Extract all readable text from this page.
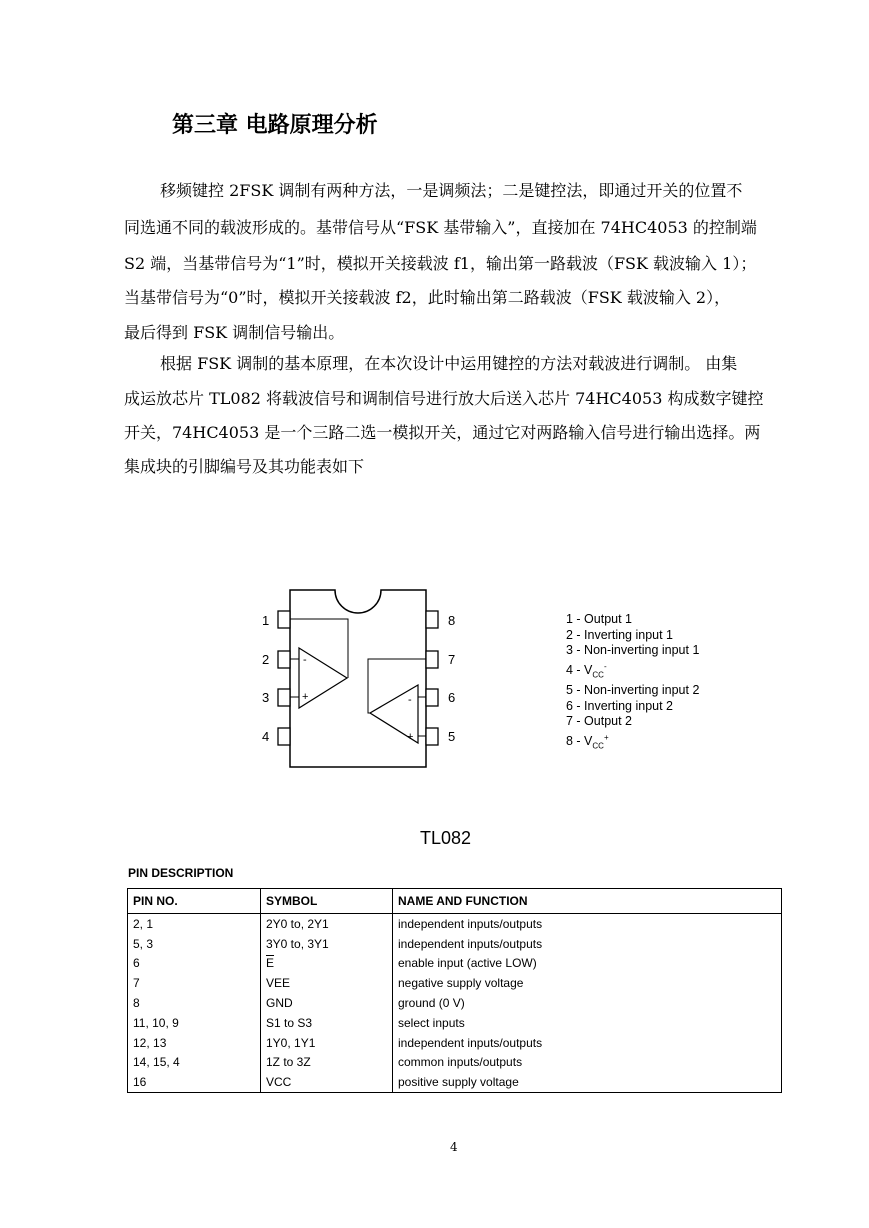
第三章 电路原理分析
移频键控 2FSK 调制有两种方法，一是调频法；二是键控法，即通过开关的位置不
同选通不同的载波形成的。基带信号从“FSK 基带输入”，直接加在 74HC4053 的控制端
S2 端，当基带信号为“1”时，模拟开关接载波 f1，输出第一路载波（FSK 载波输入 1）；
当基带信号为“0”时，模拟开关接载波 f2，此时输出第二路载波（FSK 载波输入 2），
最后得到 FSK 调制信号输出。
根据 FSK 调制的基本原理，在本次设计中运用键控的方法对载波进行调制。 由集
成运放芯片 TL082 将载波信号和调制信号进行放大后送入芯片 74HC4053 构成数字键控
开关，74HC4053 是一个三路二选一模拟开关，通过它对两路输入信号进行输出选择。两
集成块的引脚编号及其功能表如下
1
2
3
4
8
7
6
5
-
+	-
+
1 - Output 1
2 - Inverting input 1
3 - Non-inverting input 1
$4 - V_{CC}^-$
5 - Non-inverting input 2
6 - Inverting input 2
7 - Output 2
$8 - V_{CC}^+$
TL082
PIN DESCRIPTION
PIN NO.	SYMBOL	NAME AND FUNCTION
2, 1	2Y0 to, 2Y1	independent inputs/outputs
5, 3	3Y0 to, 3Y1	independent inputs/outputs
6	$\overline{E}$	enable input (active LOW)
7	VEE	negative supply voltage
8	GND	ground (0 V)
11, 10, 9	S1 to S3	select inputs
12, 13	1Y0, 1Y1	independent inputs/outputs
14, 15, 4	1Z to 3Z	common inputs/outputs
16	VCC	positive supply voltage
4
